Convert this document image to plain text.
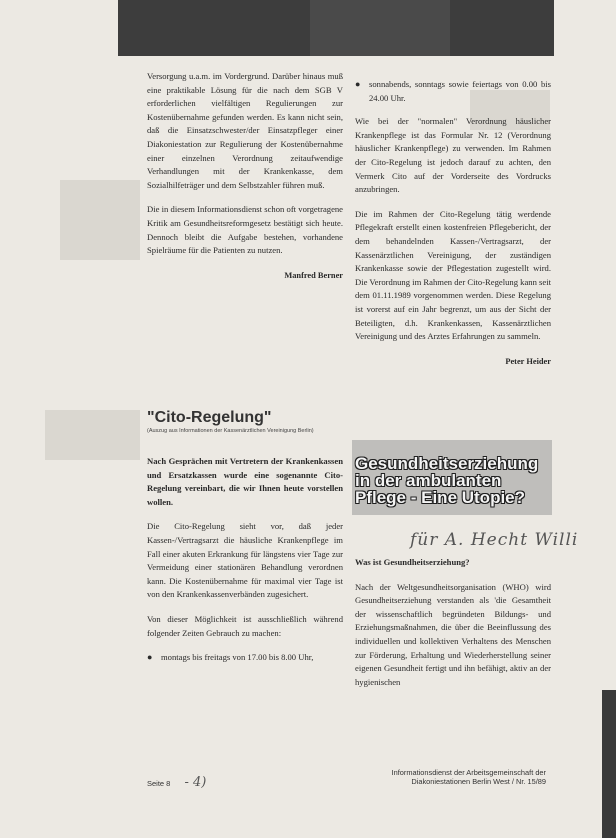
Versorgung u.a.m. im Vordergrund. Darüber hinaus muß eine praktikable Lösung für die nach dem SGB V erforderlichen vielfältigen Regulierungen zur Kostenübernahme gefunden werden. Es kann nicht sein, daß die Einsatzschwester/der Einsatzpfleger einer Diakoniestation zur Regulierung der Kostenübernahme einer einzelnen Verordnung zeitaufwendige Verhandlungen mit der Krankenkasse, dem Sozialhilfeträger und dem Selbstzahler führen muß.

Die in diesem Informationsdienst schon oft vorgetragene Kritik am Gesundheitsreformgesetz bestätigt sich heute. Dennoch bleibt die Aufgabe bestehen, vorhandene Spielräume für die Patienten zu nutzen.

Manfred Berner

"Cito-Regelung"
(Auszug aus Informationen der Kassenärztlichen Vereinigung Berlin)

Nach Gesprächen mit Vertretern der Krankenkassen und Ersatzkassen wurde eine sogenannte Cito-Regelung vereinbart, die wir Ihnen heute vorstellen wollen.

Die Cito-Regelung sieht vor, daß jeder Kassen-/Vertragsarzt die häusliche Krankenpflege im Fall einer akuten Erkrankung für längstens vier Tage zur Vermeidung einer stationären Behandlung verordnen kann. Die Kostenübernahme für maximal vier Tage ist von den Krankenkassenverbänden zugesichert.

Von dieser Möglichkeit ist ausschließlich während folgender Zeiten Gebrauch zu machen:

● montags bis freitags von 17.00 bis 8.00 Uhr,
● sonnabends, sonntags sowie feiertags von 0.00 bis 24.00 Uhr.

Wie bei der "normalen" Verordnung häuslicher Krankenpflege ist das Formular Nr. 12 (Verordnung häuslicher Krankenpflege) zu verwenden. Im Rahmen der Cito-Regelung ist jedoch darauf zu achten, den Vermerk Cito auf der Vorderseite des Vordrucks anzubringen.

Die im Rahmen der Cito-Regelung tätig werdende Pflegekraft erstellt einen kostenfreien Pflegebericht, der dem behandelnden Kassen-/Vertragsarzt, der Kassenärztlichen Vereinigung, der zuständigen Krankenkasse sowie der Pflegestation zugestellt wird. Die Verordnung im Rahmen der Cito-Regelung kann seit dem 01.11.1989 vorgenommen werden. Diese Regelung ist vorerst auf ein Jahr begrenzt, um aus der Sicht der Beteiligten, d.h. Krankenkassen, Kassenärztlichen Vereinigung und des Arztes Erfahrungen zu sammeln.

Peter Heider

Gesundheitserziehung in der ambulanten Pflege - Eine Utopie?
für A. Hecht Willi

Was ist Gesundheitserziehung?

Nach der Weltgesundheitsorganisation (WHO) wird Gesundheitserziehung verstanden als 'die Gesamtheit der wissenschaftlich begründeten Bildungs- und Erziehungsmaßnahmen, die über die Beeinflussung des individuellen und kollektiven Verhaltens des Menschen zur Förderung, Erhaltung und Wiederherstellung seiner eigenen Gesundheit fertigt und ihn befähigt, aktiv an der hygienischen

Seite 8 - 4)
Informationsdienst der Arbeitsgemeinschaft der
Diakoniestationen Berlin West / Nr. 15/89
